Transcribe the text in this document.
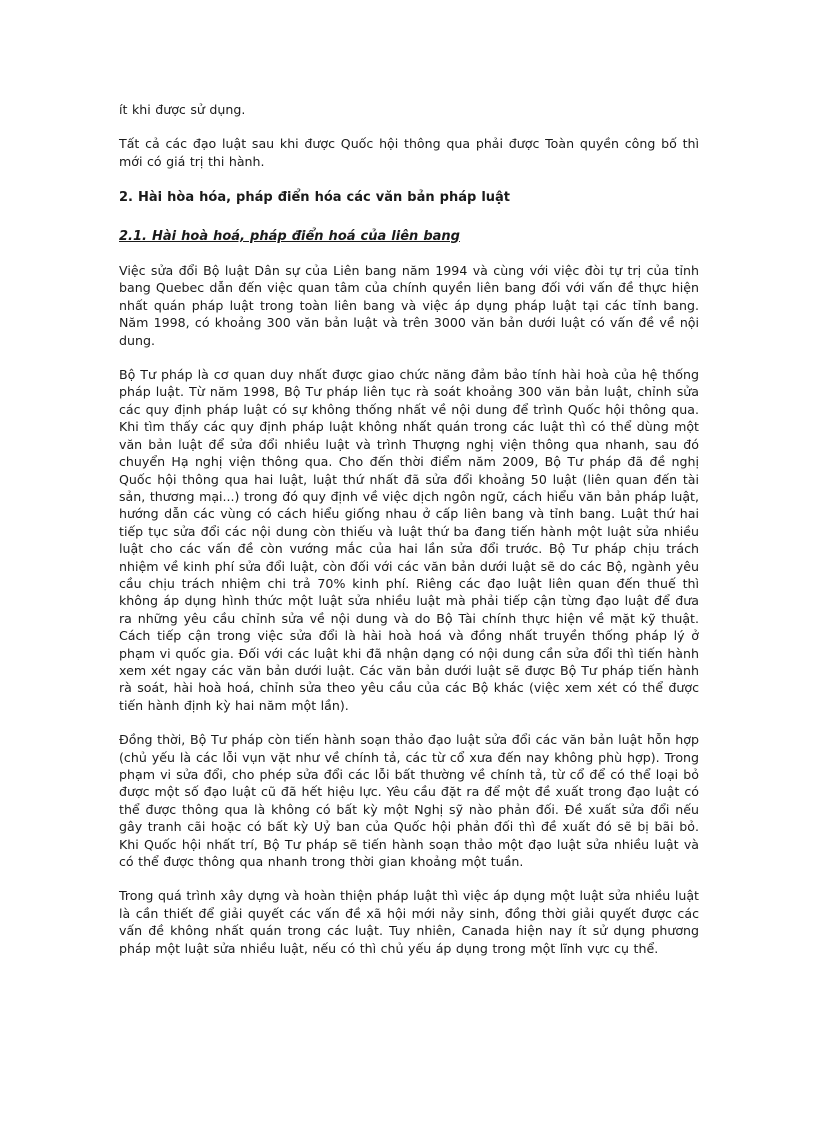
ít khi được sử dụng.

Tất cả các đạo luật sau khi được Quốc hội thông qua phải được Toàn quyền công bố thì mới có giá trị thi hành.

2. Hài hòa hóa, pháp điển hóa các văn bản pháp luật

2.1. Hài hoà hoá, pháp điển hoá của liên bang

Việc sửa đổi Bộ luật Dân sự của Liên bang năm 1994 và cùng với việc đòi tự trị của tỉnh bang Quebec dẫn đến việc quan tâm của chính quyền liên bang đối với vấn đề thực hiện nhất quán pháp luật trong toàn liên bang và việc áp dụng pháp luật tại các tỉnh bang. Năm 1998, có khoảng 300 văn bản luật và trên 3000 văn bản dưới luật có vấn đề về nội dung.

Bộ Tư pháp là cơ quan duy nhất được giao chức năng đảm bảo tính hài hoà của hệ thống pháp luật. Từ năm 1998, Bộ Tư pháp liên tục rà soát khoảng 300 văn bản luật, chỉnh sửa các quy định pháp luật có sự không thống nhất về nội dung để trình Quốc hội thông qua. Khi tìm thấy các quy định pháp luật không nhất quán trong các luật thì có thể dùng một văn bản luật để sửa đổi nhiều luật và trình Thượng nghị viện thông qua nhanh, sau đó chuyển Hạ nghị viện thông qua. Cho đến thời điểm năm 2009, Bộ Tư pháp đã đề nghị Quốc hội thông qua hai luật, luật thứ nhất đã sửa đổi khoảng 50 luật (liên quan đến tài sản, thương mại...) trong đó quy định về việc dịch ngôn ngữ, cách hiểu văn bản pháp luật, hướng dẫn các vùng có cách hiểu giống nhau ở cấp liên bang và tỉnh bang. Luật thứ hai tiếp tục sửa đổi các nội dung còn thiếu và luật thứ ba đang tiến hành một luật sửa nhiều luật cho các vấn đề còn vướng mắc của hai lần sửa đổi trước. Bộ Tư pháp chịu trách nhiệm về kinh phí sửa đổi luật, còn đối với các văn bản dưới luật sẽ do các Bộ, ngành yêu cầu chịu trách nhiệm chi trả 70% kinh phí. Riêng các đạo luật liên quan đến thuế thì không áp dụng hình thức một luật sửa nhiều luật mà phải tiếp cận từng đạo luật để đưa ra những yêu cầu chỉnh sửa về nội dung và do Bộ Tài chính thực hiện về mặt kỹ thuật. Cách tiếp cận trong việc sửa đổi là hài hoà hoá và đồng nhất truyền thống pháp lý ở phạm vi quốc gia. Đối với các luật khi đã nhận dạng có nội dung cần sửa đổi thì tiến hành xem xét ngay các văn bản dưới luật. Các văn bản dưới luật sẽ được Bộ Tư pháp tiến hành rà soát, hài hoà hoá, chỉnh sửa theo yêu cầu của các Bộ khác (việc xem xét có thể được tiến hành định kỳ hai năm một lần).

Đồng thời, Bộ Tư pháp còn tiến hành soạn thảo đạo luật sửa đổi các văn bản luật hỗn hợp (chủ yếu là các lỗi vụn vặt như về chính tả, các từ cổ xưa đến nay không phù hợp). Trong phạm vi sửa đổi, cho phép sửa đổi các lỗi bất thường về chính tả, từ cổ để có thể loại bỏ được một số đạo luật cũ đã hết hiệu lực. Yêu cầu đặt ra để một đề xuất trong đạo luật có thể được thông qua là không có bất kỳ một Nghị sỹ nào phản đối. Đề xuất sửa đổi nếu gây tranh cãi hoặc có bất kỳ Uỷ ban của Quốc hội phản đối thì đề xuất đó sẽ bị bãi bỏ. Khi Quốc hội nhất trí, Bộ Tư pháp sẽ tiến hành soạn thảo một đạo luật sửa nhiều luật và có thể được thông qua nhanh trong thời gian khoảng một tuần.

Trong quá trình xây dựng và hoàn thiện pháp luật thì việc áp dụng một luật sửa nhiều luật là cần thiết để giải quyết các vấn đề xã hội mới nảy sinh, đồng thời giải quyết được các vấn đề không nhất quán trong các luật. Tuy nhiên, Canada hiện nay ít sử dụng phương pháp một luật sửa nhiều luật, nếu có thì chủ yếu áp dụng trong một lĩnh vực cụ thể.
